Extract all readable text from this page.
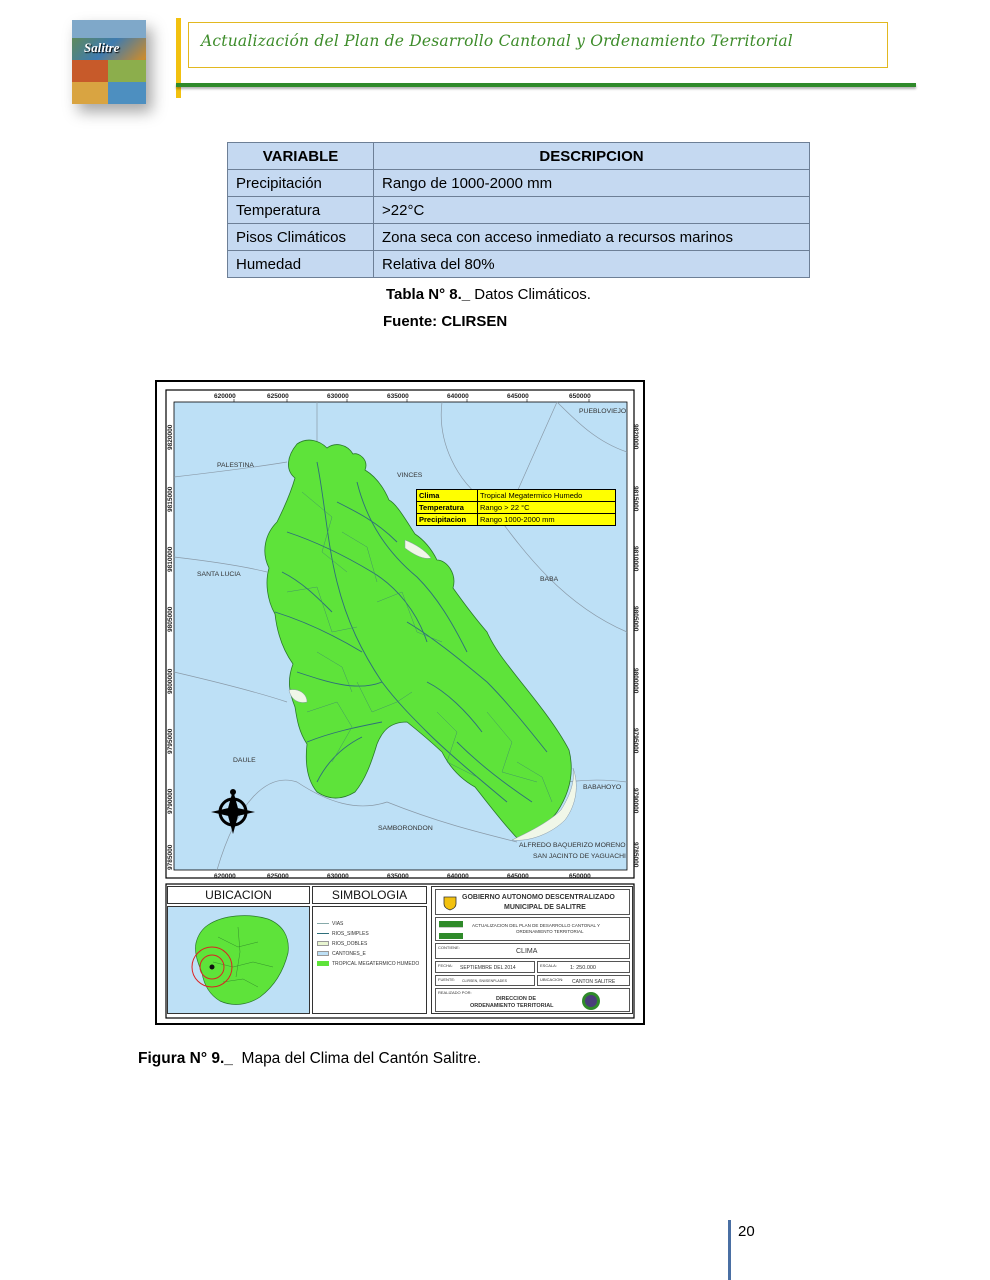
Salitre	Actualización del Plan de Desarrollo Cantonal y Ordenamiento Territorial
VARIABLE	DESCRIPCION
Precipitación	Rango de 1000-2000 mm
Temperatura	>22°C
Pisos Climáticos	Zona seca con acceso inmediato a recursos marinos
Humedad	Relativa del 80%
Tabla N° 8._ Datos Climáticos.
Fuente: CLIRSEN
620000	625000	630000	635000	640000	645000	650000
620000	625000	630000	635000	640000	645000	650000
9820000
9815000
9810000
9805000
9800000
9795000
9790000
9785000
9820000
9815000
9810000
9805000
9800000
9795000
9790000
9785000
PUEBLOVIEJO
PALESTINA
VINCES
SANTA LUCIA
BABA
DAULE
BABAHOYO
SAMBORONDON
ALFREDO BAQUERIZO MORENO
SAN JACINTO DE YAGUACHI
Clima	Tropical Megatermico Humedo
Temperatura	Rango > 22 °C
Precipitacion	Rango 1000-2000 mm
UBICACION	SIMBOLOGIA
VIAS
RIOS_SIMPLES
RIOS_DOBLES
CANTONES_E
TROPICAL MEGATERMICO HUMEDO
GOBIERNO AUTONOMO DESCENTRALIZADO
MUNICIPAL DE SALITRE
ACTUALIZACION DEL PLAN DE DESARROLLO CANTONAL Y
ORDENAMIENTO TERRITORIAL
CONTIENE:
CLIMA
FECHA: SEPTIEMBRE DEL 2014	ESCALA: 1: 250.000
FUENTE: CLIRSEN, SNI/SENPLADES	UBICACION: CANTON SALITRE
REALIZADO POR:
DIRECCION DE
ORDENAMIENTO TERRITORIAL
Figura N° 9._  Mapa del Clima del Cantón Salitre.
20
